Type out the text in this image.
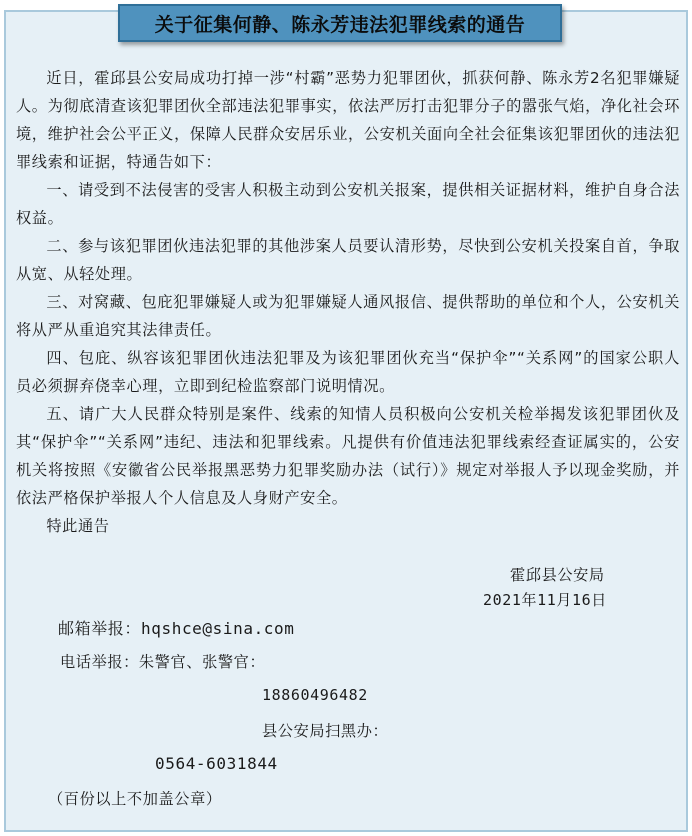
关于征集何静、陈永芳违法犯罪线索的通告

近日，霍邱县公安局成功打掉一涉“村霸”恶势力犯罪团伙，抓获何静、陈永芳2名犯罪嫌疑人。为彻底清查该犯罪团伙全部违法犯罪事实，依法严厉打击犯罪分子的嚣张气焰，净化社会环境，维护社会公平正义，保障人民群众安居乐业，公安机关面向全社会征集该犯罪团伙的违法犯罪线索和证据，特通告如下：

一、请受到不法侵害的受害人积极主动到公安机关报案，提供相关证据材料，维护自身合法权益。

二、参与该犯罪团伙违法犯罪的其他涉案人员要认清形势，尽快到公安机关投案自首，争取从宽、从轻处理。

三、对窝藏、包庇犯罪嫌疑人或为犯罪嫌疑人通风报信、提供帮助的单位和个人，公安机关将从严从重追究其法律责任。

四、包庇、纵容该犯罪团伙违法犯罪及为该犯罪团伙充当“保护伞”“关系网”的国家公职人员必须摒弃侥幸心理，立即到纪检监察部门说明情况。

五、请广大人民群众特别是案件、线索的知情人员积极向公安机关检举揭发该犯罪团伙及其“保护伞”“关系网”违纪、违法和犯罪线索。凡提供有价值违法犯罪线索经查证属实的，公安机关将按照《安徽省公民举报黑恶势力犯罪奖励办法（试行）》规定对举报人予以现金奖励，并依法严格保护举报人个人信息及人身财产安全。

特此通告

霍邱县公安局
2021年11月16日
邮箱举报：hqshce@sina.com
电话举报：朱警官、张警官：
18860496482
县公安局扫黑办：
0564-6031844
（百份以上不加盖公章）
